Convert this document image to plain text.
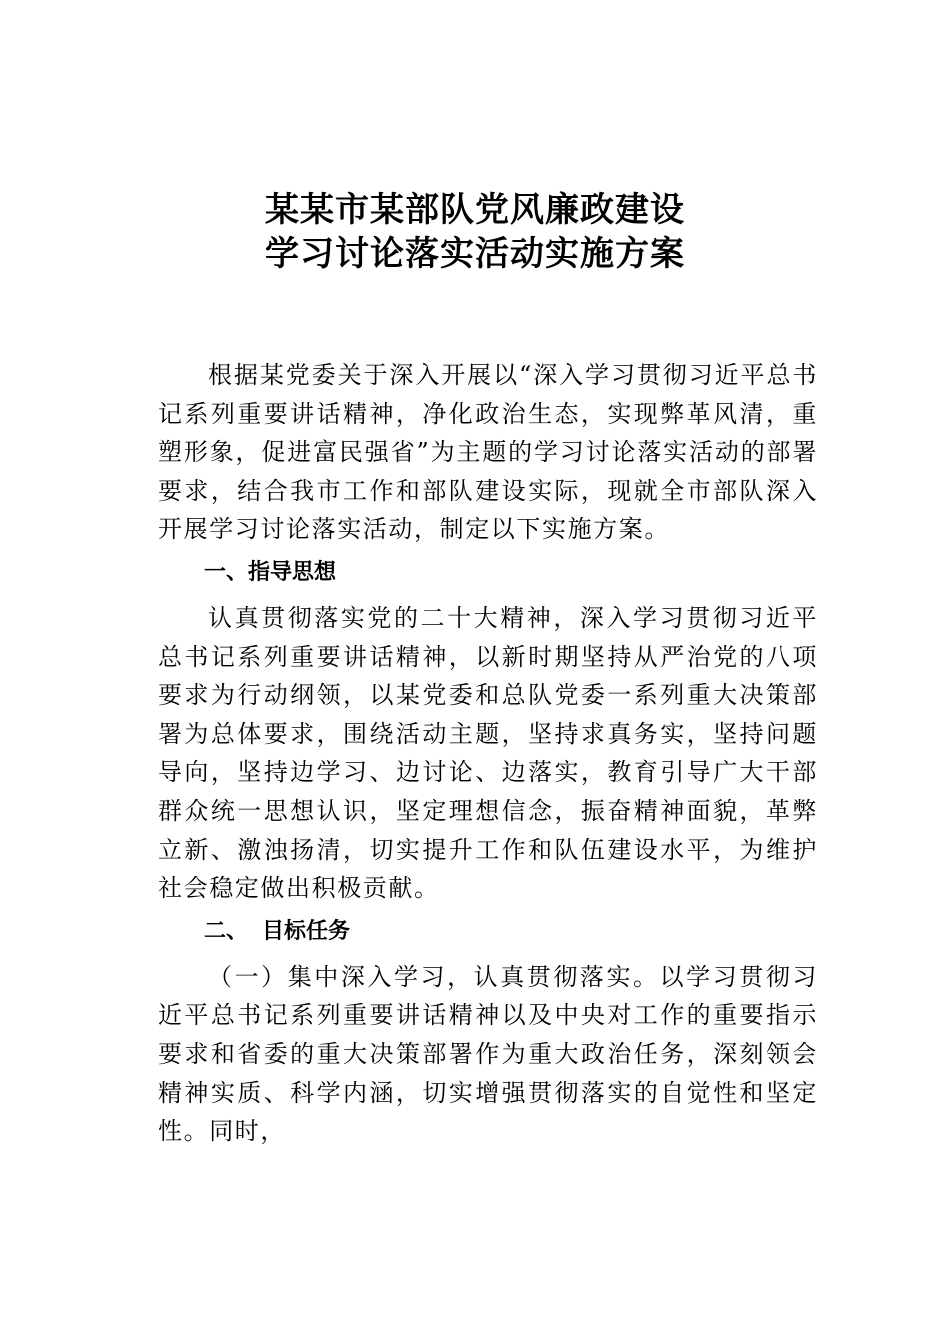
某某市某部队党风廉政建设

学习讨论落实活动实施方案

根据某党委关于深入开展以“深入学习贯彻习近平总书记系列重要讲话精神，净化政治生态，实现弊革风清，重塑形象，促进富民强省”为主题的学习讨论落实活动的部署要求，结合我市工作和部队建设实际，现就全市部队深入开展学习讨论落实活动，制定以下实施方案。

一、指导思想

认真贯彻落实党的二十大精神，深入学习贯彻习近平总书记系列重要讲话精神，以新时期坚持从严治党的八项要求为行动纲领，以某党委和总队党委一系列重大决策部署为总体要求，围绕活动主题，坚持求真务实，坚持问题导向，坚持边学习、边讨论、边落实，教育引导广大干部群众统一思想认识，坚定理想信念，振奋精神面貌，革弊立新、激浊扬清，切实提升工作和队伍建设水平，为维护社会稳定做出积极贡献。

二、 目标任务

（一）集中深入学习，认真贯彻落实。以学习贯彻习近平总书记系列重要讲话精神以及中央对工作的重要指示要求和省委的重大决策部署作为重大政治任务，深刻领会精神实质、科学内涵，切实增强贯彻落实的自觉性和坚定性。同时，
